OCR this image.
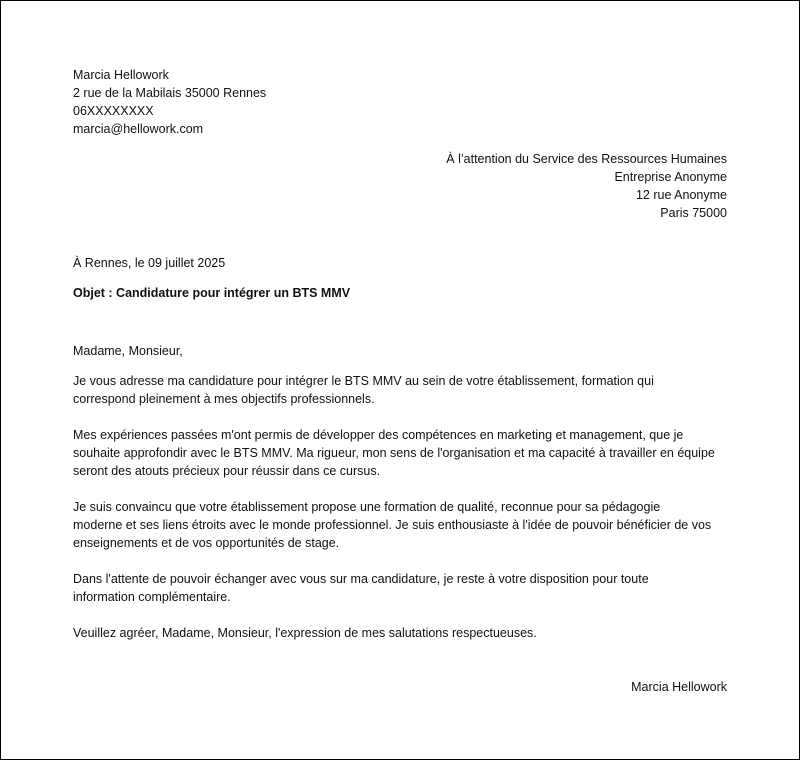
Marcia Hellowork
2 rue de la Mabilais 35000 Rennes
06XXXXXXXX
marcia@hellowork.com
À l’attention du Service des Ressources Humaines
Entreprise Anonyme
12 rue Anonyme
Paris 75000
À Rennes, le 09 juillet 2025
Objet : Candidature pour intégrer un BTS MMV
Madame, Monsieur,
Je vous adresse ma candidature pour intégrer le BTS MMV au sein de votre établissement, formation qui
correspond pleinement à mes objectifs professionnels.
Mes expériences passées m'ont permis de développer des compétences en marketing et management, que je
souhaite approfondir avec le BTS MMV. Ma rigueur, mon sens de l'organisation et ma capacité à travailler en équipe
seront des atouts précieux pour réussir dans ce cursus.
Je suis convaincu que votre établissement propose une formation de qualité, reconnue pour sa pédagogie
moderne et ses liens étroits avec le monde professionnel. Je suis enthousiaste à l'idée de pouvoir bénéficier de vos
enseignements et de vos opportunités de stage.
Dans l'attente de pouvoir échanger avec vous sur ma candidature, je reste à votre disposition pour toute
information complémentaire.
Veuillez agréer, Madame, Monsieur, l'expression de mes salutations respectueuses.
Marcia Hellowork
